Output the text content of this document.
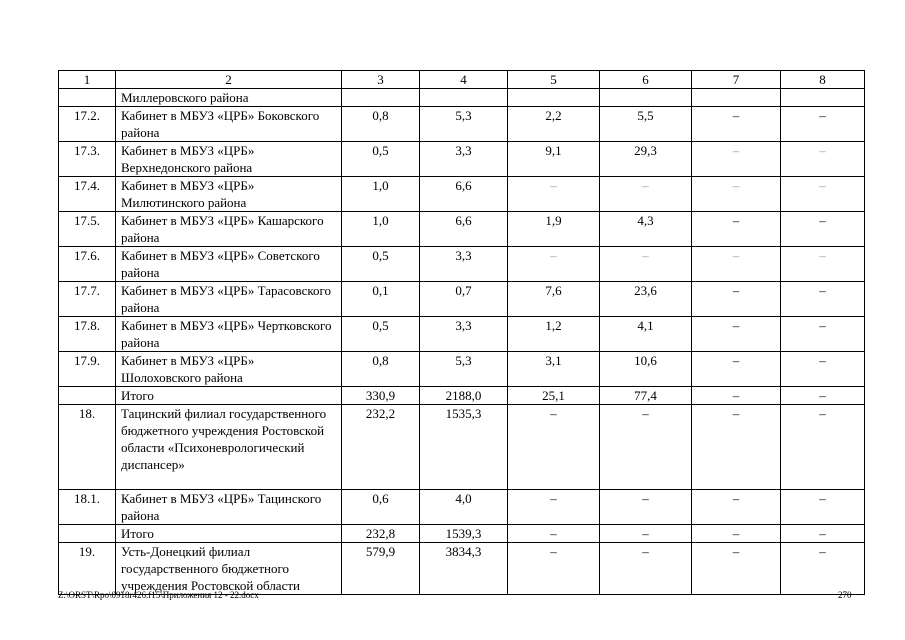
1	2	3	4	5	6	7	8
	Миллеровского района						
17.2.	Кабинет в МБУЗ «ЦРБ» Боковского района	0,8	5,3	2,2	5,5	–	–
17.3.	Кабинет в МБУЗ «ЦРБ» Верхнедонского района	0,5	3,3	9,1	29,3	–	–
17.4.	Кабинет в МБУЗ «ЦРБ» Милютинского района	1,0	6,6	–	–	–	–
17.5.	Кабинет в МБУЗ «ЦРБ» Кашарского района	1,0	6,6	1,9	4,3	–	–
17.6.	Кабинет в МБУЗ «ЦРБ» Советского района	0,5	3,3	–	–	–	–
17.7.	Кабинет в МБУЗ «ЦРБ» Тарасовского района	0,1	0,7	7,6	23,6	–	–
17.8.	Кабинет в МБУЗ «ЦРБ» Чертковского района	0,5	3,3	1,2	4,1	–	–
17.9.	Кабинет в МБУЗ «ЦРБ» Шолоховского района	0,8	5,3	3,1	10,6	–	–
	Итого	330,9	2188,0	25,1	77,4	–	–
18.	Тацинский филиал государственного бюджетного учреждения Ростовской области «Психоневрологический диспансер»	232,2	1535,3	–	–	–	–
18.1.	Кабинет в МБУЗ «ЦРБ» Тацинского района	0,6	4,0	–	–	–	–
	Итого	232,8	1539,3	–	–	–	–
19.	Усть-Донецкий филиал государственного бюджетного учреждения Ростовской области	579,9	3834,3	–	–	–	–
Z:\ORST\Rpo\0918r426.f15\Приложения 12 - 22.docx	270
